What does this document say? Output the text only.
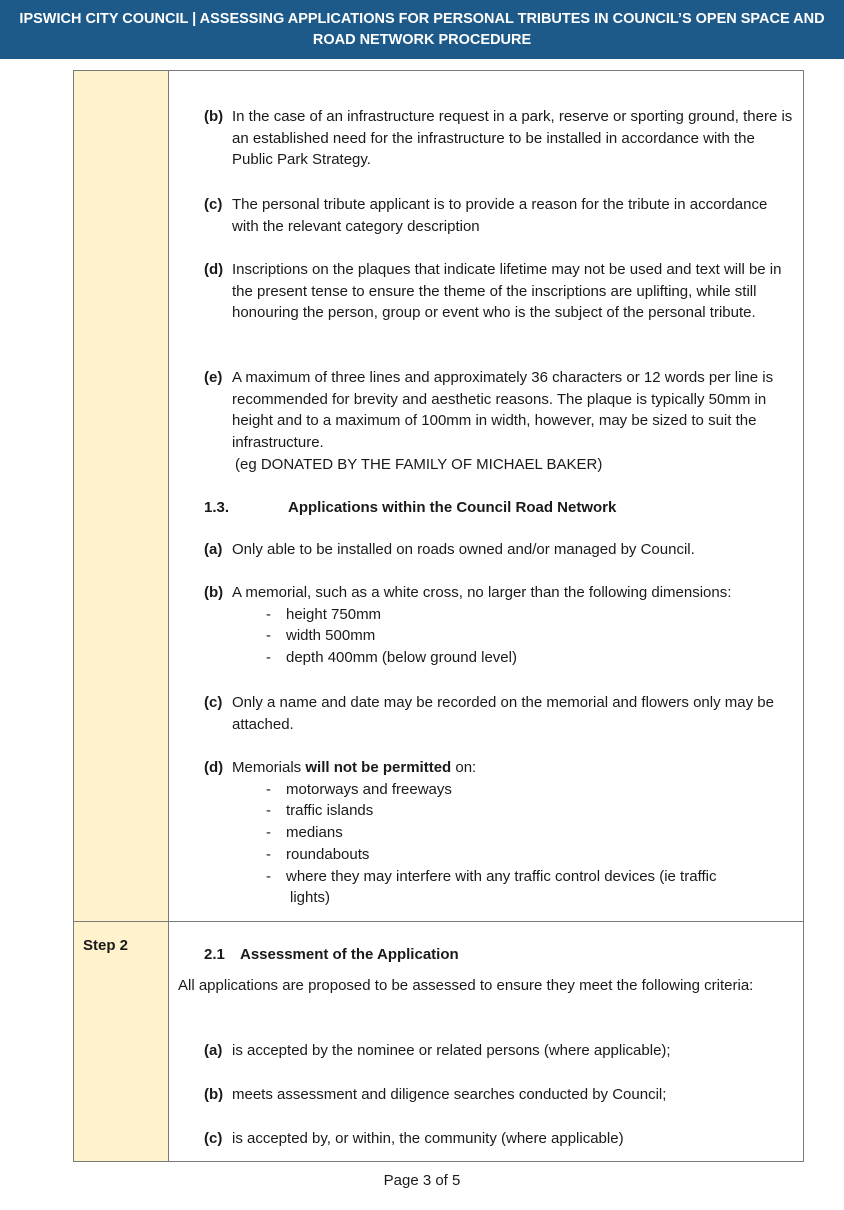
IPSWICH CITY COUNCIL | ASSESSING APPLICATIONS FOR PERSONAL TRIBUTES IN COUNCIL’S OPEN SPACE AND
ROAD NETWORK PROCEDURE
Step 2
(b) In the case of an infrastructure request in a park, reserve or sporting ground, there is an established need for the infrastructure to be installed in accordance with the Public Park Strategy.
(c) The personal tribute applicant is to provide a reason for the tribute in accordance with the relevant category description
(d) Inscriptions on the plaques that indicate lifetime may not be used and text will be in the present tense to ensure the theme of the inscriptions are uplifting, while still honouring the person, group or event who is the subject of the personal tribute.
(e) A maximum of three lines and approximately 36 characters or 12 words per line is recommended for brevity and aesthetic reasons. The plaque is typically 50mm in height and to a maximum of 100mm in width, however, may be sized to suit the infrastructure.
(eg DONATED BY THE FAMILY OF MICHAEL BAKER)
1.3.	Applications within the Council Road Network
(a) Only able to be installed on roads owned and/or managed by Council.
(b) A memorial, such as a white cross, no larger than the following dimensions:
- height 750mm
- width 500mm
- depth 400mm (below ground level)
(c) Only a name and date may be recorded on the memorial and flowers only may be attached.
(d) Memorials will not be permitted on:
- motorways and freeways
- traffic islands
- medians
- roundabouts
- where they may interfere with any traffic control devices (ie traffic
lights)
2.1 Assessment of the Application
All applications are proposed to be assessed to ensure they meet the following criteria:
(a) is accepted by the nominee or related persons (where applicable);
(b) meets assessment and diligence searches conducted by Council;
(c) is accepted by, or within, the community (where applicable)
Page 3 of 5
